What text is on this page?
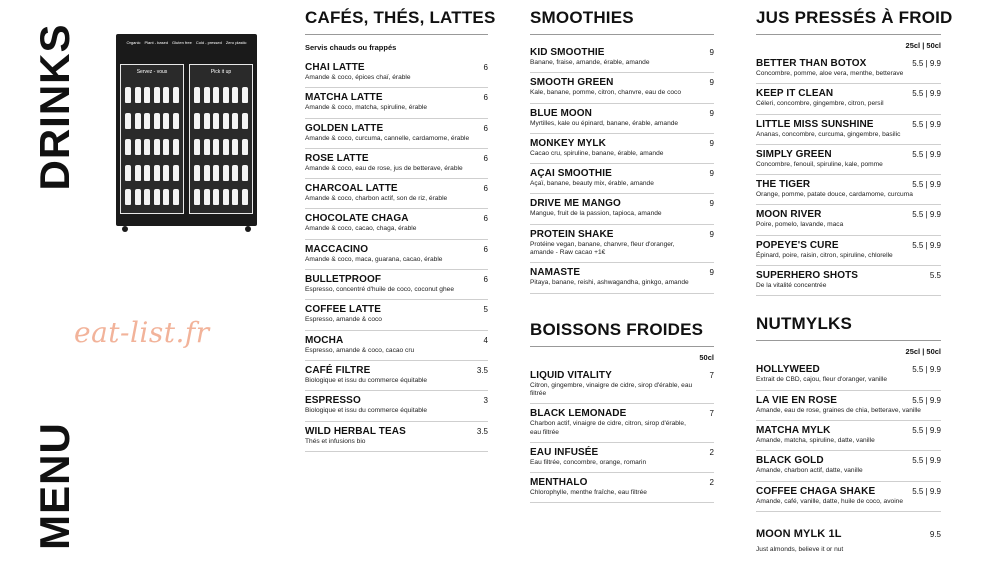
DRINKS
MENU
eat-list.fr
Organic Plant - based Gluten free Cold - pressed Zero plastic
Servez - vous	Pick it up
CAFÉS, THÉS, LATTES
Servis chauds ou frappés
CHAI LATTE	6
Amande & coco, épices chaï, érable
MATCHA LATTE	6
Amande & coco, matcha, spiruline, érable
GOLDEN LATTE	6
Amande & coco, curcuma, cannelle, cardamome, érable
ROSE LATTE	6
Amande & coco, eau de rose, jus de betterave, érable
CHARCOAL LATTE	6
Amande & coco, charbon actif, son de riz, érable
CHOCOLATE CHAGA	6
Amande & coco, cacao, chaga, érable
MACCACINO	6
Amande & coco, maca, guarana, cacao, érable
BULLETPROOF	6
Espresso, concentré d'huile de coco, coconut ghee
COFFEE LATTE	5
Espresso, amande & coco
MOCHA	4
Espresso, amande & coco, cacao cru
CAFÉ FILTRE	3.5
Biologique et issu du commerce équitable
ESPRESSO	3
Biologique et issu du commerce équitable
WILD HERBAL TEAS	3.5
Thés et infusions bio
SMOOTHIES
KID SMOOTHIE	9
Banane, fraise, amande, érable, amande
SMOOTH GREEN	9
Kale, banane, pomme, citron, chanvre, eau de coco
BLUE MOON	9
Myrtilles, kale ou épinard, banane, érable, amande
MONKEY MYLK	9
Cacao cru, spiruline, banane, érable, amande
AÇAI SMOOTHIE	9
Açaï, banane, beauty mix, érable, amande
DRIVE ME MANGO	9
Mangue, fruit de la passion, tapioca, amande
PROTEIN SHAKE	9
Protéine vegan, banane, chanvre, fleur d'oranger, amande - Raw cacao +1€
NAMASTE	9
Pitaya, banane, reishi, ashwagandha, ginkgo, amande
BOISSONS FROIDES
50cl
LIQUID VITALITY	7
Citron, gingembre, vinaigre de cidre, sirop d'érable, eau filtrée
BLACK LEMONADE	7
Charbon actif, vinaigre de cidre, citron, sirop d'érable, eau filtrée
EAU INFUSÉE	2
Eau filtrée, concombre, orange, romarin
MENTHALO	2
Chlorophylle, menthe fraîche, eau filtrée
JUS PRESSÉS À FROID
25cl | 50cl
BETTER THAN BOTOX	5.5 | 9.9
Concombre, pomme, aloe vera, menthe, betterave
KEEP IT CLEAN	5.5 | 9.9
Céleri, concombre, gingembre, citron, persil
LITTLE MISS SUNSHINE	5.5 | 9.9
Ananas, concombre, curcuma, gingembre, basilic
SIMPLY GREEN	5.5 | 9.9
Concombre, fenouil, spiruline, kale, pomme
THE TIGER	5.5 | 9.9
Orange, pomme, patate douce, cardamome, curcuma
MOON RIVER	5.5 | 9.9
Poire, pomelo, lavande, maca
POPEYE'S CURE	5.5 | 9.9
Épinard, poire, raisin, citron, spiruline, chlorelle
SUPERHERO SHOTS	5.5
De la vitalité concentrée
NUTMYLKS
25cl | 50cl
HOLLYWEED	5.5 | 9.9
Extrait de CBD, cajou, fleur d'oranger, vanille
LA VIE EN ROSE	5.5 | 9.9
Amande, eau de rose, graines de chia, betterave, vanille
MATCHA MYLK	5.5 | 9.9
Amande, matcha, spiruline, datte, vanille
BLACK GOLD	5.5 | 9.9
Amande, charbon actif, datte, vanille
COFFEE CHAGA SHAKE	5.5 | 9.9
Amande, café, vanille, datte, huile de coco, avoine
MOON MYLK 1L	9.5
Just almonds, believe it or nut
